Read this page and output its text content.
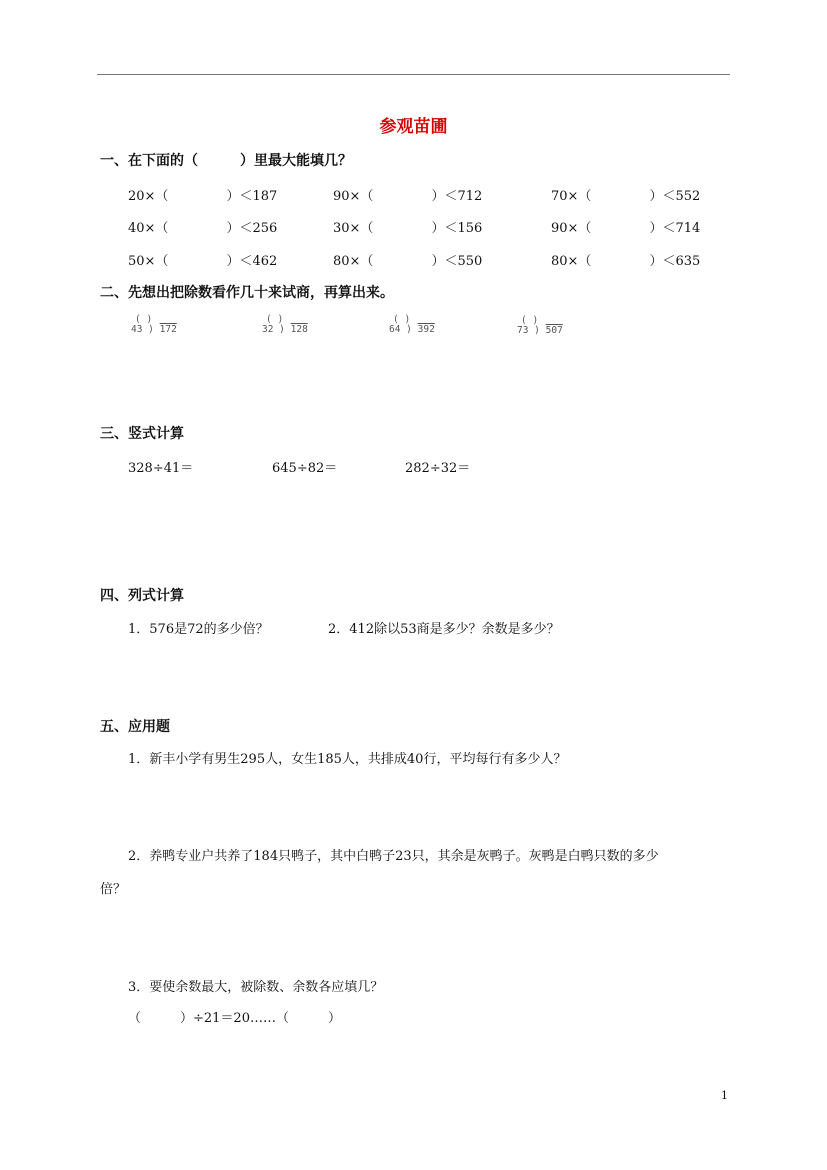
参观苗圃
一、在下面的（　　　）里最大能填几？
20×（	）＜187	90×（	）＜712	70×（	）＜552
40×（	）＜256	30×（	）＜156	90×（	）＜714
50×（	）＜462	80×（	）＜550	80×（	）＜635
二、先想出把除数看作几十来试商，再算出来。
( )
43 ) 172
( )
32 ) 128
( )
64 ) 392
( )
73 ) 507
三、竖式计算
328÷41＝	645÷82＝	282÷32＝
四、列式计算
1．576是72的多少倍？	2．412除以53商是多少？余数是多少？
五、应用题
1．新丰小学有男生295人，女生185人，共排成40行，平均每行有多少人？
2．养鸭专业户共养了184只鸭子，其中白鸭子23只，其余是灰鸭子。灰鸭是白鸭只数的多少
倍？
3．要使余数最大，被除数、余数各应填几？
（　　　）÷21＝20……（　　　）
1
